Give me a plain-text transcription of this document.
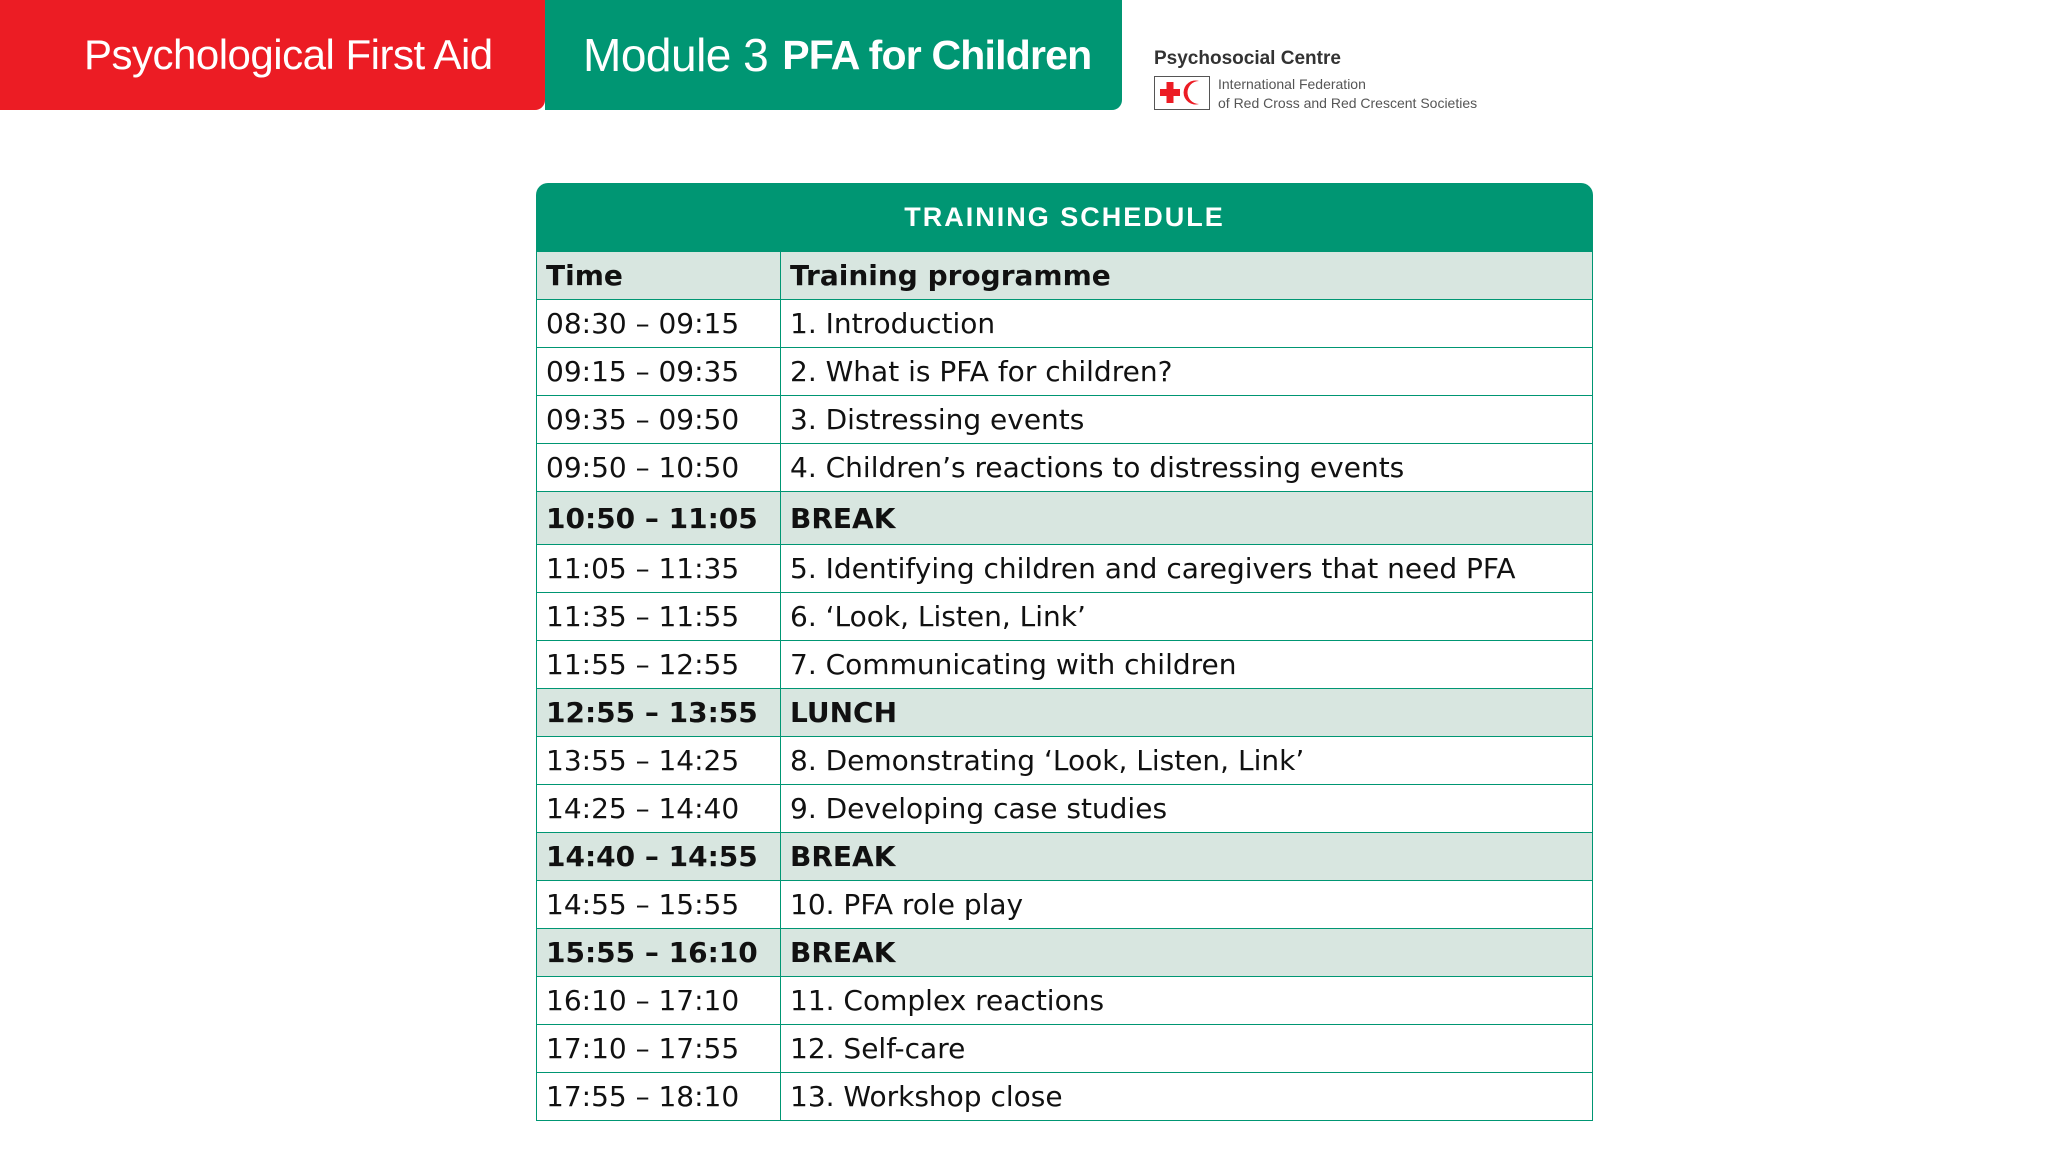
Psychological First Aid Module 3 PFA for Children	Psychosocial Centre
International Federation
of Red Cross and Red Crescent Societies
TRAINING SCHEDULE
Time	Training programme
08:30 – 09:15	1. Introduction
09:15 – 09:35	2. What is PFA for children?
09:35 – 09:50	3. Distressing events
09:50 – 10:50	4. Children’s reactions to distressing events
10:50 – 11:05	BREAK
11:05 – 11:35	5. Identifying children and caregivers that need PFA
11:35 – 11:55	6. ‘Look, Listen, Link’
11:55 – 12:55	7. Communicating with children
12:55 – 13:55	LUNCH
13:55 – 14:25	8. Demonstrating ‘Look, Listen, Link’
14:25 – 14:40	9. Developing case studies
14:40 – 14:55	BREAK
14:55 – 15:55	10. PFA role play
15:55 – 16:10	BREAK
16:10 – 17:10	11. Complex reactions
17:10 – 17:55	12. Self-care
17:55 – 18:10	13. Workshop close
